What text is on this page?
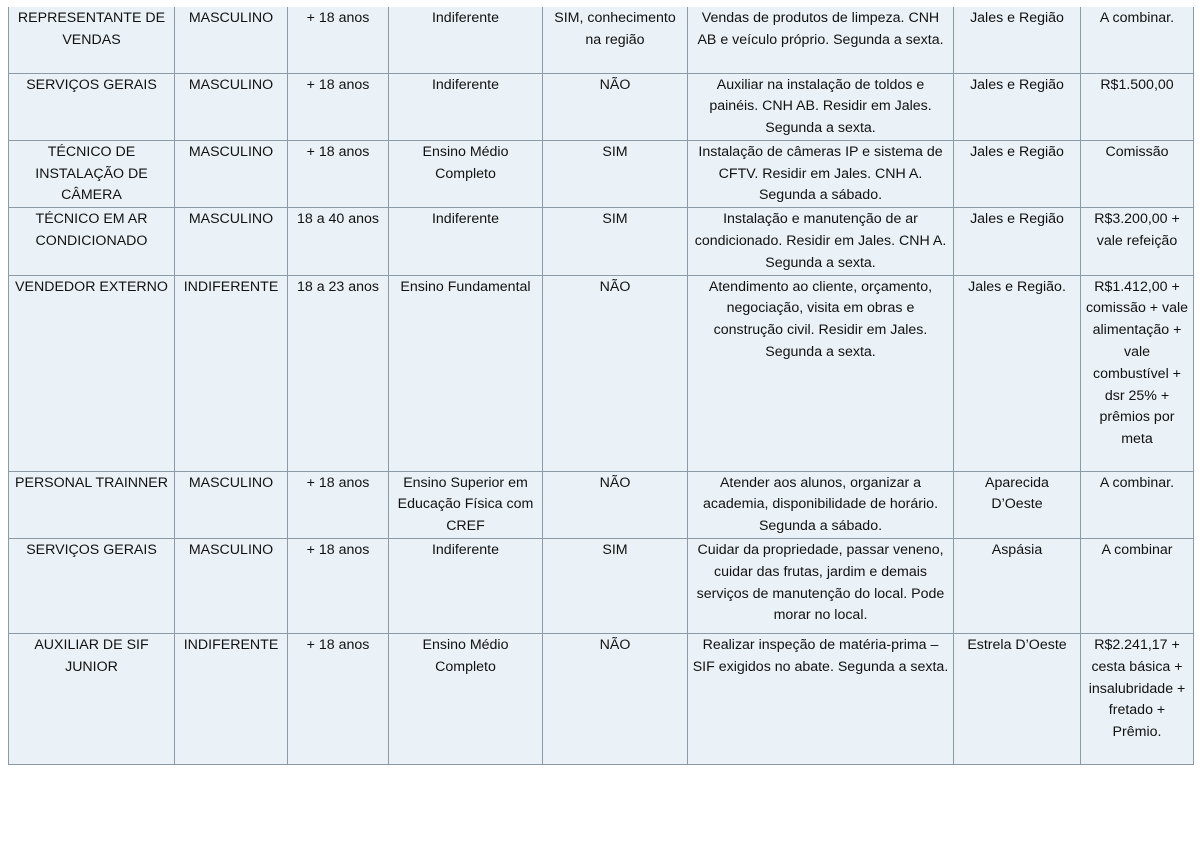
REPRESENTANTE DE VENDAS	MASCULINO	+ 18 anos	Indiferente	SIM, conhecimento na região	Vendas de produtos de limpeza. CNH AB e veículo próprio. Segunda a sexta.	Jales e Região	A combinar.
SERVIÇOS GERAIS	MASCULINO	+ 18 anos	Indiferente	NÃO	Auxiliar na instalação de toldos e painéis. CNH AB. Residir em Jales. Segunda a sexta.	Jales e Região	R$1.500,00
TÉCNICO DE INSTALAÇÃO DE CÂMERA	MASCULINO	+ 18 anos	Ensino Médio Completo	SIM	Instalação de câmeras IP e sistema de CFTV. Residir em Jales. CNH A. Segunda a sábado.	Jales e Região	Comissão
TÉCNICO EM AR CONDICIONADO	MASCULINO	18 a 40 anos	Indiferente	SIM	Instalação e manutenção de ar condicionado. Residir em Jales. CNH A. Segunda a sexta.	Jales e Região	R$3.200,00 + vale refeição
VENDEDOR EXTERNO	INDIFERENTE	18 a 23 anos	Ensino Fundamental	NÃO	Atendimento ao cliente, orçamento, negociação, visita em obras e construção civil. Residir em Jales. Segunda a sexta.	Jales e Região.	R$1.412,00 + comissão + vale alimentação + vale combustível + dsr 25% + prêmios por meta
PERSONAL TRAINNER	MASCULINO	+ 18 anos	Ensino Superior em Educação Física com CREF	NÃO	Atender aos alunos, organizar a academia, disponibilidade de horário. Segunda a sábado.	Aparecida D’Oeste	A combinar.
SERVIÇOS GERAIS	MASCULINO	+ 18 anos	Indiferente	SIM	Cuidar da propriedade, passar veneno, cuidar das frutas, jardim e demais serviços de manutenção do local. Pode morar no local.	Aspásia	A combinar
AUXILIAR DE SIF JUNIOR	INDIFERENTE	+ 18 anos	Ensino Médio Completo	NÃO	Realizar inspeção de matéria-prima – SIF exigidos no abate. Segunda a sexta.	Estrela D’Oeste	R$2.241,17 + cesta básica + insalubridade + fretado + Prêmio.
